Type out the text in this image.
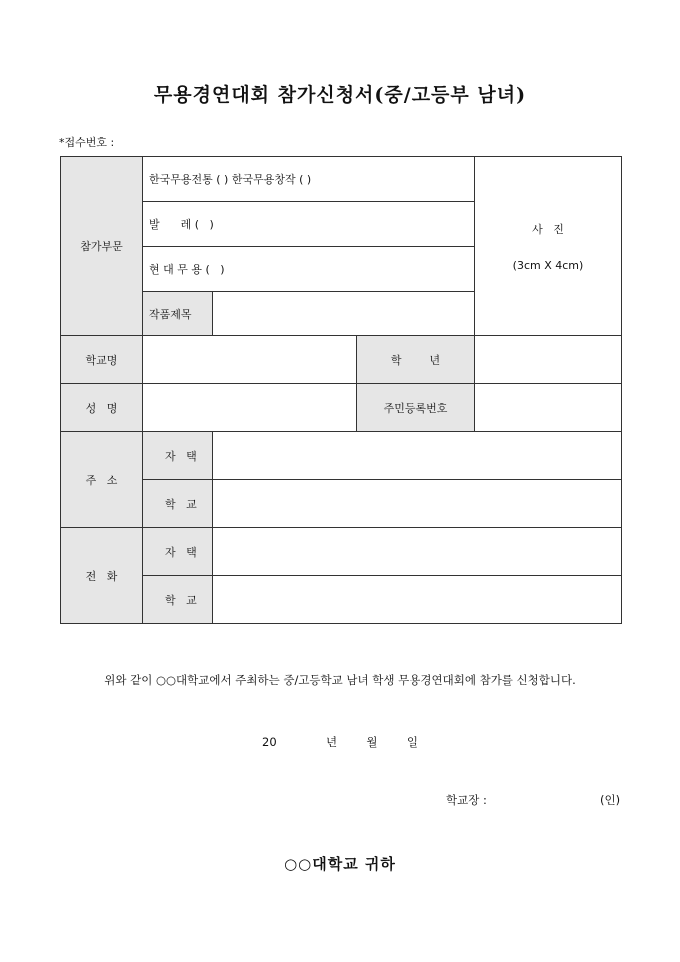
무용경연대회 참가신청서(중/고등부 남녀)
*접수번호 :
참가부문	한국무용전통 ( ) 한국무용창작 ( )			사   진
(3cm X 4cm)

	발      레 (   )			
	현 대 무 용 (   )			
	작품제목			
학교명			학        년	
성   명			주민등록번호	
주   소	자   택			
	학   교			
전   화	자   택			
	학   교			
위와 같이 ○○대학교에서 주최하는 중/고등학교 남녀 학생 무용경연대회에 참가를 신청합니다.
20	년	월	일
학교장 :	(인)
○○대학교 귀하
